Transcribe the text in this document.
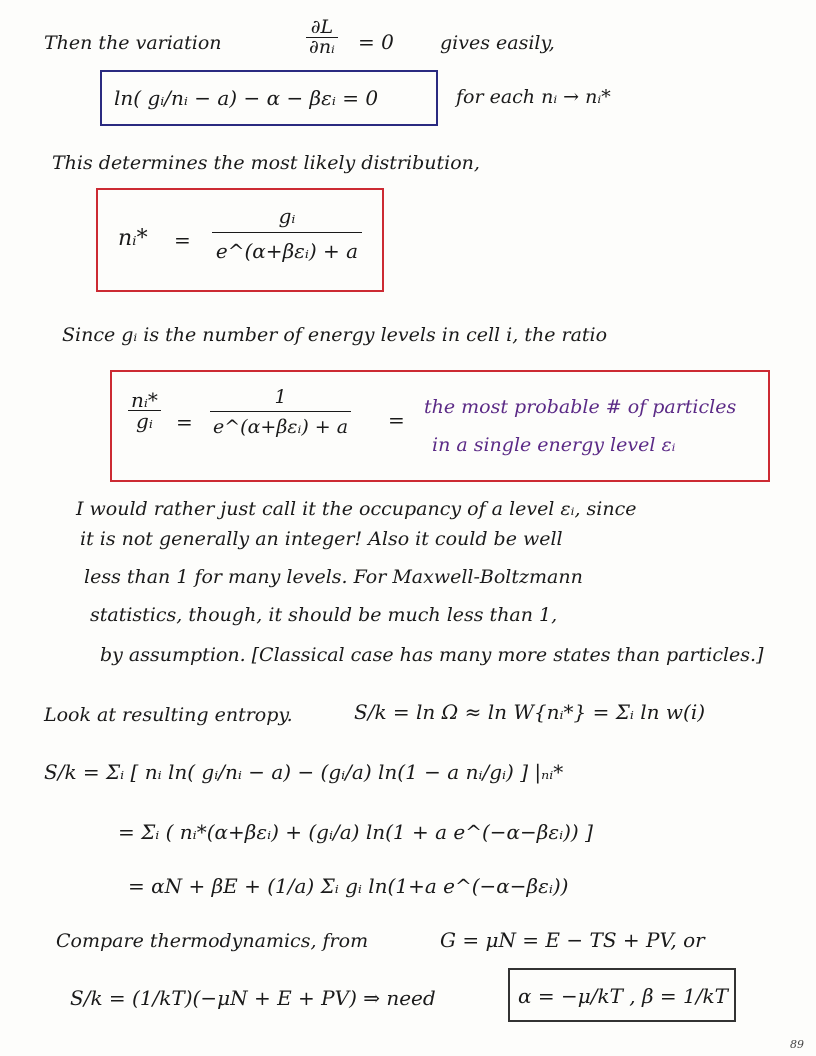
Then the variation	$\frac{\partial L}{\text{∂nᵢ}} = 0$ gives easily,
ln( gᵢ/nᵢ − a) − α − βεᵢ = 0	for each nᵢ → nᵢ*
This determines the most likely distribution,
nᵢ* = $\frac{\text{gᵢ}}{\text{e\textasciicircum{}(α+βεᵢ) + a}}$
Since gᵢ is the number of energy levels in cell i, the ratio
$\frac{\text{nᵢ*}}{\text{gᵢ}} = \frac{1}{\text{e\textasciicircum{}(α+βεᵢ) + a}}$ =
the most probable # of particles
in a single energy level εᵢ
I would rather just call it the occupancy of a level εᵢ, since
it is not generally an integer! Also it could be well
less than 1 for many levels. For Maxwell-Boltzmann
statistics, though, it should be much less than 1,
by assumption. [Classical case has many more states than particles.]
Look at resulting entropy.	S/k = ln Ω ≈ ln W{nᵢ*} = Σᵢ ln w(i)
S/k = Σᵢ [ nᵢ ln( gᵢ/nᵢ − a) − (gᵢ/a) ln(1 − a nᵢ/gᵢ) ] |ₙᵢ*
= Σᵢ ( nᵢ*(α+βεᵢ) + (gᵢ/a) ln(1 + a e^(−α−βεᵢ)) ]
= αN + βE + (1/a) Σᵢ gᵢ ln(1+a e^(−α−βεᵢ))
Compare thermodynamics, from	G = μN = E − TS + PV, or
S/k = (1/kT)(−μN + E + PV) ⇒ need	α = −μ/kT , β = 1/kT
89
